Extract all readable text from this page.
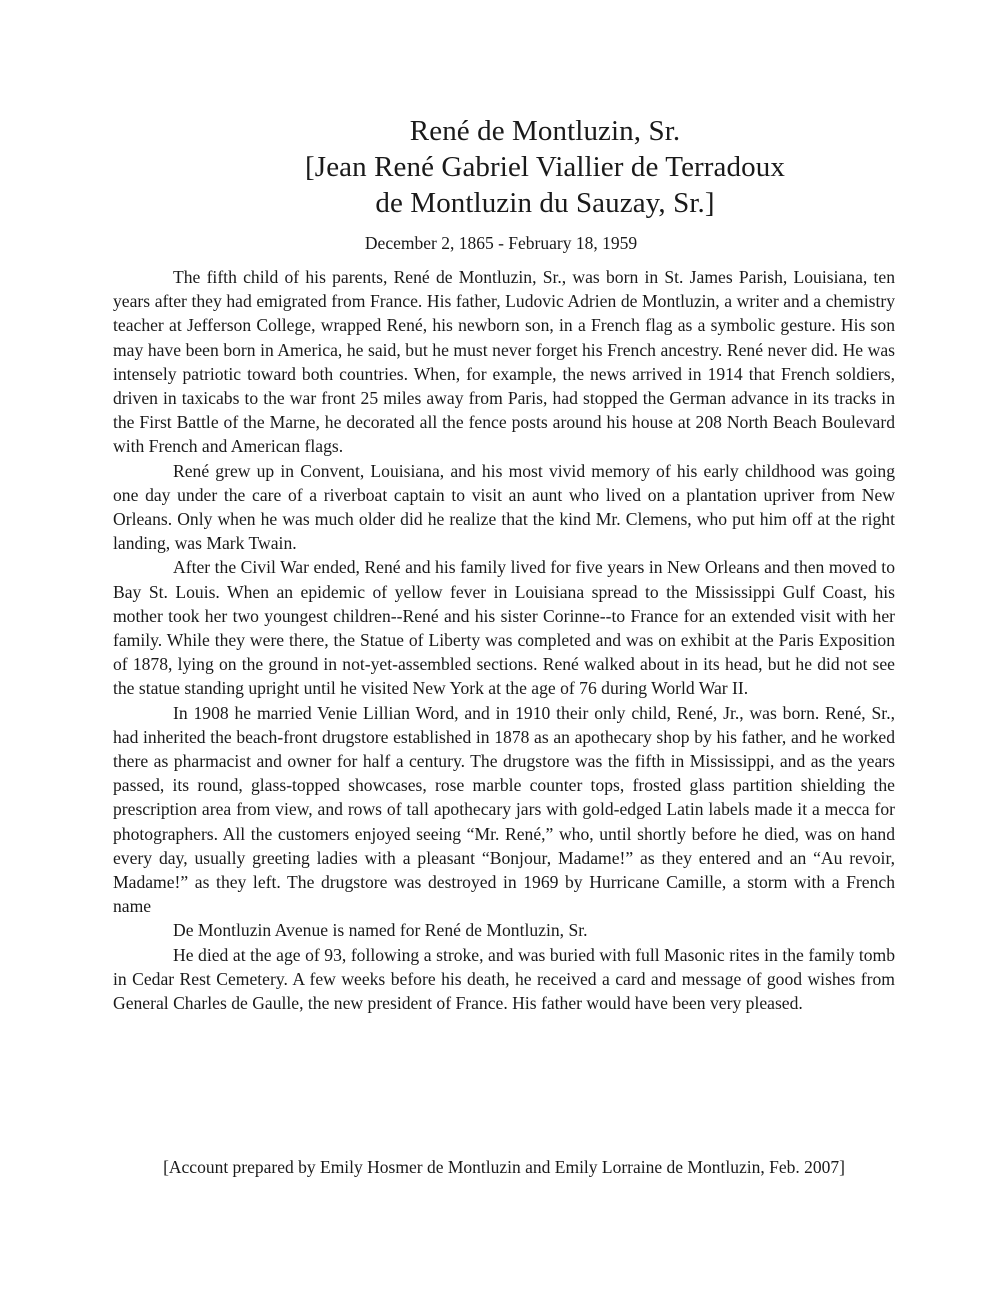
René de Montluzin, Sr.

[Jean René Gabriel Viallier de Terradoux

de Montluzin du Sauzay, Sr.]

December 2, 1865 - February 18, 1959

The fifth child of his parents, René de Montluzin, Sr., was born in St. James Parish, Louisiana, ten years after they had emigrated from France. His father, Ludovic Adrien de Montluzin, a writer and a chemistry teacher at Jefferson College, wrapped René, his newborn son, in a French flag as a symbolic gesture. His son may have been born in America, he said, but he must never forget his French ancestry. René never did. He was intensely patriotic toward both countries. When, for example, the news arrived in 1914 that French soldiers, driven in taxicabs to the war front 25 miles away from Paris, had stopped the German advance in its tracks in the First Battle of the Marne, he decorated all the fence posts around his house at 208 North Beach Boulevard with French and American flags.

René grew up in Convent, Louisiana, and his most vivid memory of his early childhood was going one day under the care of a riverboat captain to visit an aunt who lived on a plantation upriver from New Orleans. Only when he was much older did he realize that the kind Mr. Clemens, who put him off at the right landing, was Mark Twain.

After the Civil War ended, René and his family lived for five years in New Orleans and then moved to Bay St. Louis. When an epidemic of yellow fever in Louisiana spread to the Mississippi Gulf Coast, his mother took her two youngest children--René and his sister Corinne--to France for an extended visit with her family. While they were there, the Statue of Liberty was completed and was on exhibit at the Paris Exposition of 1878, lying on the ground in not-yet-assembled sections. René walked about in its head, but he did not see the statue standing upright until he visited New York at the age of 76 during World War II.

In 1908 he married Venie Lillian Word, and in 1910 their only child, René, Jr., was born. René, Sr., had inherited the beach-front drugstore established in 1878 as an apothecary shop by his father, and he worked there as pharmacist and owner for half a century. The drugstore was the fifth in Mississippi, and as the years passed, its round, glass-topped showcases, rose marble counter tops, frosted glass partition shielding the prescription area from view, and rows of tall apothecary jars with gold-edged Latin labels made it a mecca for photographers. All the customers enjoyed seeing “Mr. René,” who, until shortly before he died, was on hand every day, usually greeting ladies with a pleasant “Bonjour, Madame!” as they entered and an “Au revoir, Madame!” as they left. The drugstore was destroyed in 1969 by Hurricane Camille, a storm with a French name

De Montluzin Avenue is named for René de Montluzin, Sr.

He died at the age of 93, following a stroke, and was buried with full Masonic rites in the family tomb in Cedar Rest Cemetery. A few weeks before his death, he received a card and message of good wishes from General Charles de Gaulle, the new president of France. His father would have been very pleased.

[Account prepared by Emily Hosmer de Montluzin and Emily Lorraine de Montluzin, Feb. 2007]
